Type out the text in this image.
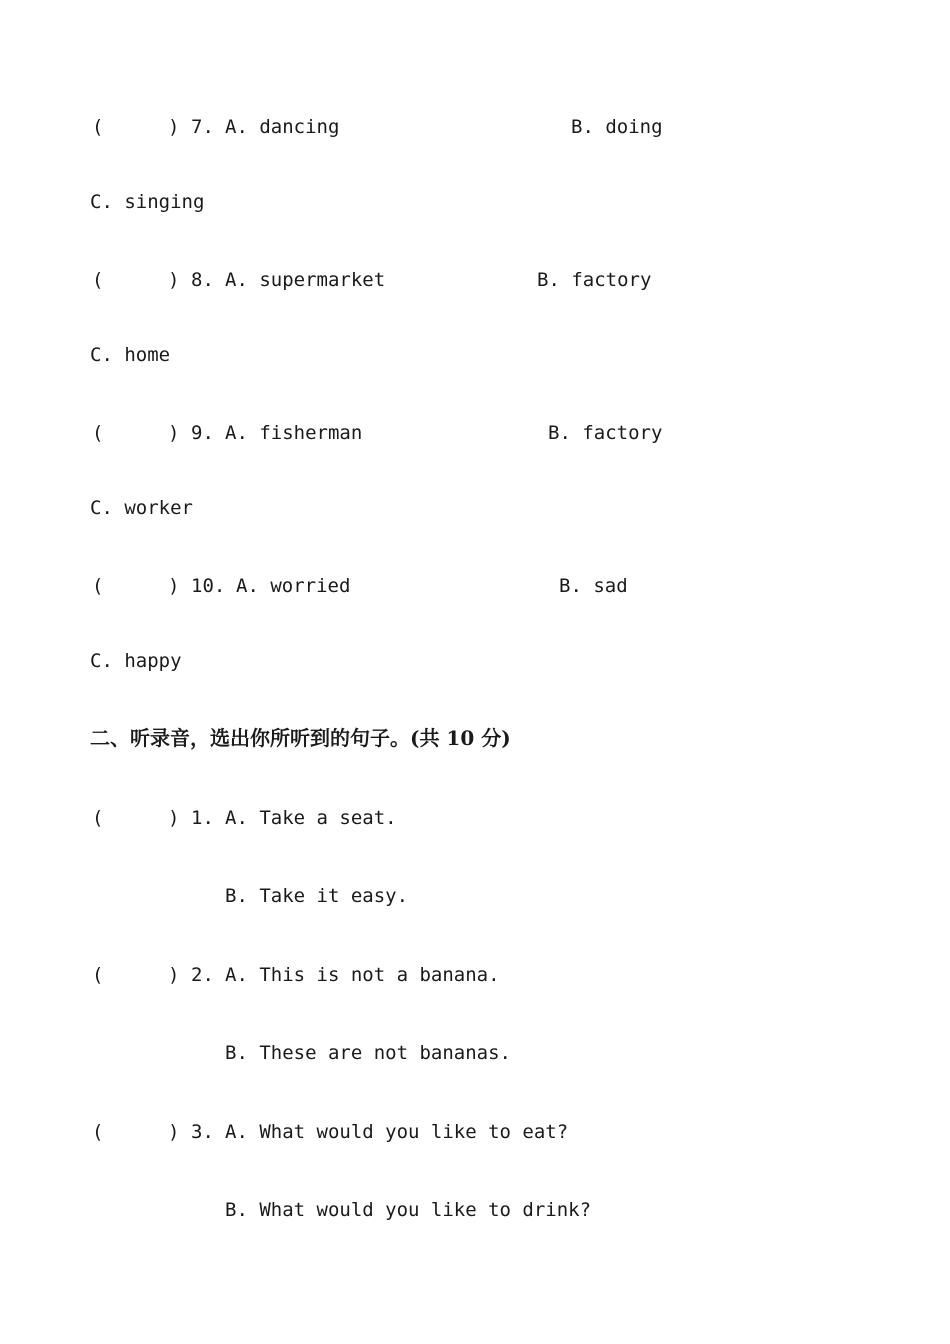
(	) 7. A. dancing	B. doing
C. singing
(	) 8. A. supermarket	B. factory
C. home
(	) 9. A. fisherman	B. factory
C. worker
(	) 10. A. worried	B. sad
C. happy
二、听录音，选出你所听到的句子。(共 10 分)
(	) 1. A. Take a seat.
B. Take it easy.
(	) 2. A. This is not a banana.
B. These are not bananas.
(	) 3. A. What would you like to eat?
B. What would you like to drink?
